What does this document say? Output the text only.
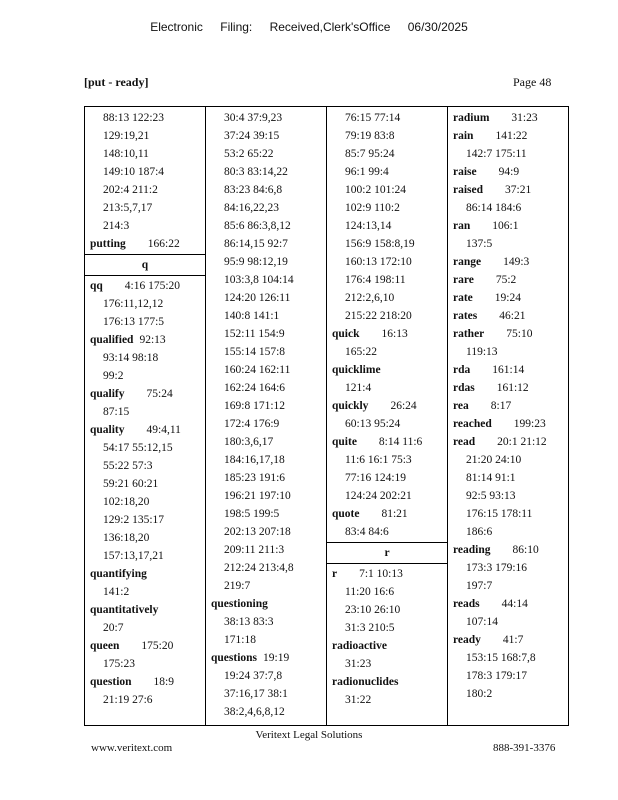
Electronic Filing: Received,Clerk'sOffice 06/30/2025
[put - ready]	Page 48
88:13 122:23
129:19,21
148:10,11
149:10 187:4
202:4 211:2
213:5,7,17
214:3
putting 166:22
q
qq 4:16 175:20
176:11,12,12
176:13 177:5
qualified 92:13
93:14 98:18
99:2
qualify 75:24
87:15
quality 49:4,11
54:17 55:12,15
55:22 57:3
59:21 60:21
102:18,20
129:2 135:17
136:18,20
157:13,17,21
quantifying
141:2
quantitatively
20:7
queen 175:20
175:23
question 18:9
21:19 27:6
30:4 37:9,23
37:24 39:15
53:2 65:22
80:3 83:14,22
83:23 84:6,8
84:16,22,23
85:6 86:3,8,12
86:14,15 92:7
95:9 98:12,19
103:3,8 104:14
124:20 126:11
140:8 141:1
152:11 154:9
155:14 157:8
160:24 162:11
162:24 164:6
169:8 171:12
172:4 176:9
180:3,6,17
184:16,17,18
185:23 191:6
196:21 197:10
198:5 199:5
202:13 207:18
209:11 211:3
212:24 213:4,8
219:7
questioning
38:13 83:3
171:18
questions 19:19
19:24 37:7,8
37:16,17 38:1
38:2,4,6,8,12
76:15 77:14
79:19 83:8
85:7 95:24
96:1 99:4
100:2 101:24
102:9 110:2
124:13,14
156:9 158:8,19
160:13 172:10
176:4 198:11
212:2,6,10
215:22 218:20
quick 16:13
165:22
quicklime
121:4
quickly 26:24
60:13 95:24
quite 8:14 11:6
11:6 16:1 75:3
77:16 124:19
124:24 202:21
quote 81:21
83:4 84:6
r
r 7:1 10:13
11:20 16:6
23:10 26:10
31:3 210:5
radioactive
31:23
radionuclides
31:22
radium 31:23
rain 141:22
142:7 175:11
raise 94:9
raised 37:21
86:14 184:6
ran 106:1
137:5
range 149:3
rare 75:2
rate 19:24
rates 46:21
rather 75:10
119:13
rda 161:14
rdas 161:12
rea 8:17
reached 199:23
read 20:1 21:12
21:20 24:10
81:14 91:1
92:5 93:13
176:15 178:11
186:6
reading 86:10
173:3 179:16
197:7
reads 44:14
107:14
ready 41:7
153:15 168:7,8
178:3 179:17
180:2
Veritext Legal Solutions
www.veritext.com	888-391-3376
